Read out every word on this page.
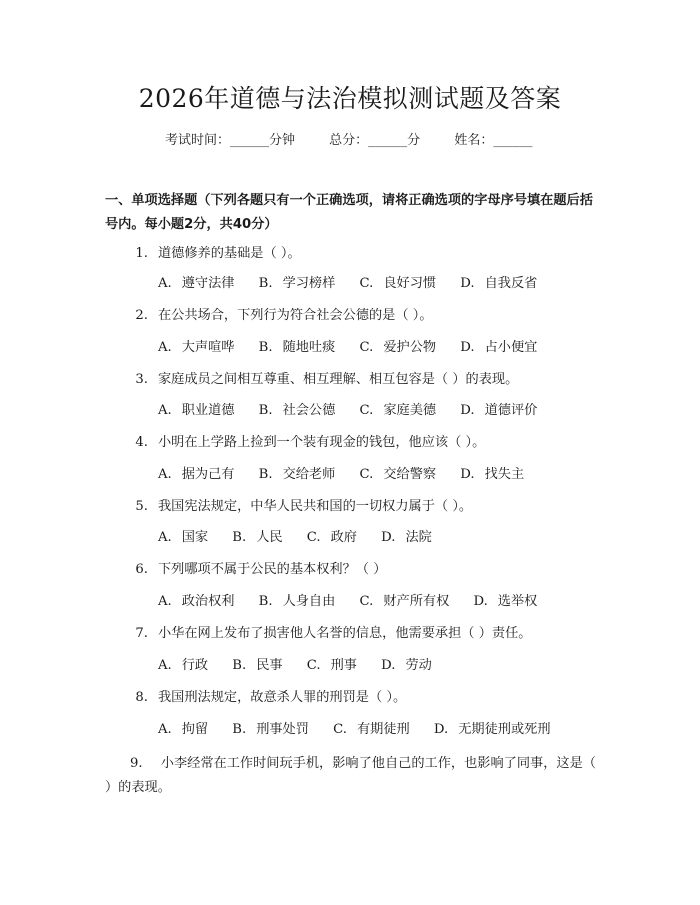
2026年道德与法治模拟测试题及答案
考试时间：______分钟	总分：______分	姓名：______
一、单项选择题（下列各题只有一个正确选项，请将正确选项的字母序号填在题后括号内。每小题2分，共40分）
1. 道德修养的基础是（ ）。
A. 遵守法律 B. 学习榜样 C. 良好习惯 D. 自我反省
2. 在公共场合，下列行为符合社会公德的是（ ）。
A. 大声喧哗 B. 随地吐痰 C. 爱护公物 D. 占小便宜
3. 家庭成员之间相互尊重、相互理解、相互包容是（ ）的表现。
A. 职业道德 B. 社会公德 C. 家庭美德 D. 道德评价
4. 小明在上学路上捡到一个装有现金的钱包，他应该（ ）。
A. 据为己有 B. 交给老师 C. 交给警察 D. 找失主
5. 我国宪法规定，中华人民共和国的一切权力属于（ ）。
A. 国家 B. 人民 C. 政府 D. 法院
6. 下列哪项不属于公民的基本权利？（ ）
A. 政治权利 B. 人身自由 C. 财产所有权 D. 选举权
7. 小华在网上发布了损害他人名誉的信息，他需要承担（ ）责任。
A. 行政 B. 民事 C. 刑事 D. 劳动
8. 我国刑法规定，故意杀人罪的刑罚是（ ）。
A. 拘留 B. 刑事处罚 C. 有期徒刑 D. 无期徒刑或死刑
9. 小李经常在工作时间玩手机，影响了他自己的工作，也影响了同事，这是（ ）的表现。
